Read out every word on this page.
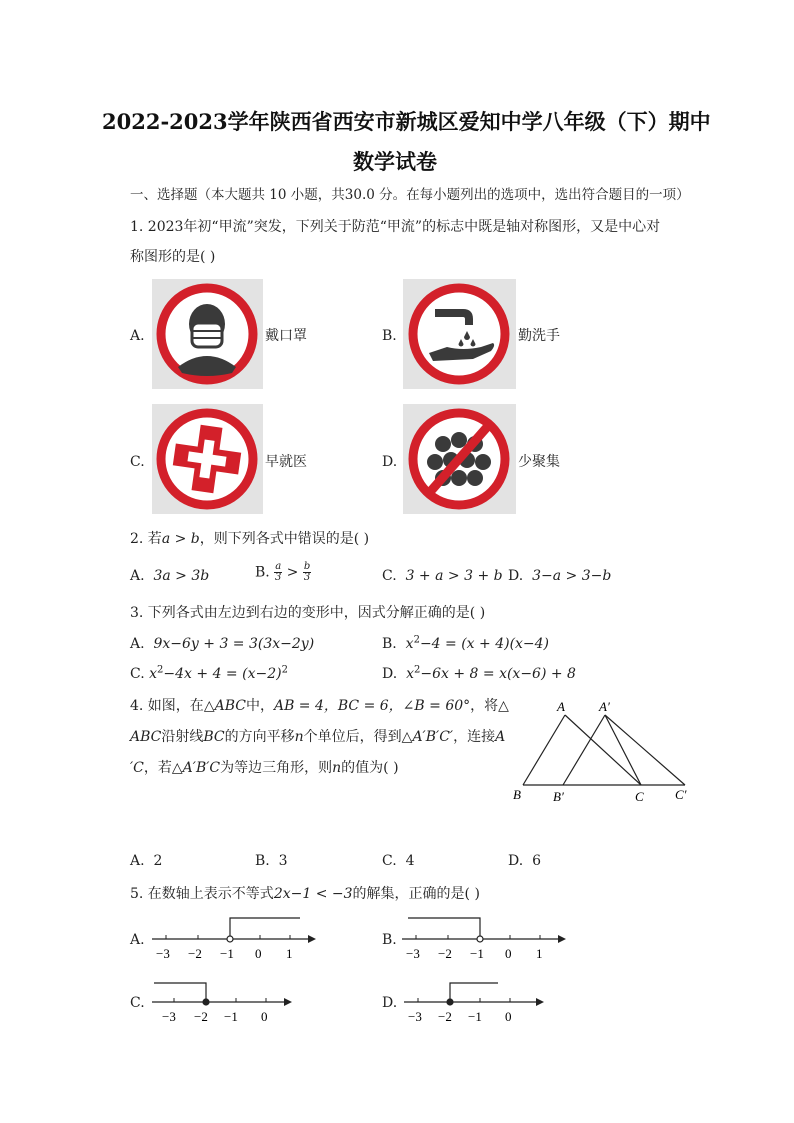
2022-2023学年陕西省西安市新城区爱知中学八年级（下）期中
数学试卷
一、选择题（本大题共 10 小题，共30.0 分。在每小题列出的选项中，选出符合题目的一项）
1. 2023年初“甲流”突发，下列关于防范“甲流”的标志中既是轴对称图形，又是中心对
称图形的是( )
A.	戴口罩	B.	勤洗手
C.	早就医	D.	少聚集
2. 若a > b，则下列各式中错误的是( )
A. 3a > 3b	B. $\frac{a}{3} > \frac{b}{3}$	C. 3 + a > 3 + b D. 3−a > 3−b
3. 下列各式由左边到右边的变形中，因式分解正确的是( )
A. 9x−6y + 3 = 3(3x−2y)	B. $x^2-4 = (x + 4)(x-4)$
C. $x^2-4x + 4 = (x-2)^2$	D. $x^2-6x + 8 = x(x-6) + 8$
4. 如图，在△ABC中，AB = 4，BC = 6，∠B = 60°，将△
ABC沿射线BC的方向平移n个单位后，得到△A′B′C′，连接A
′C，若△A′B′C为等边三角形，则n的值为( )
A	A′
B B′	C C′
A. 2	B. 3	C. 4	D. 6
5. 在数轴上表示不等式2x−1 < −3的解集，正确的是( )
A.
−3 −2 −1 0 1
B.
−3 −2 −1 0 1
C.
−3 −2 −1 0
D.
−3 −2 −1 0
